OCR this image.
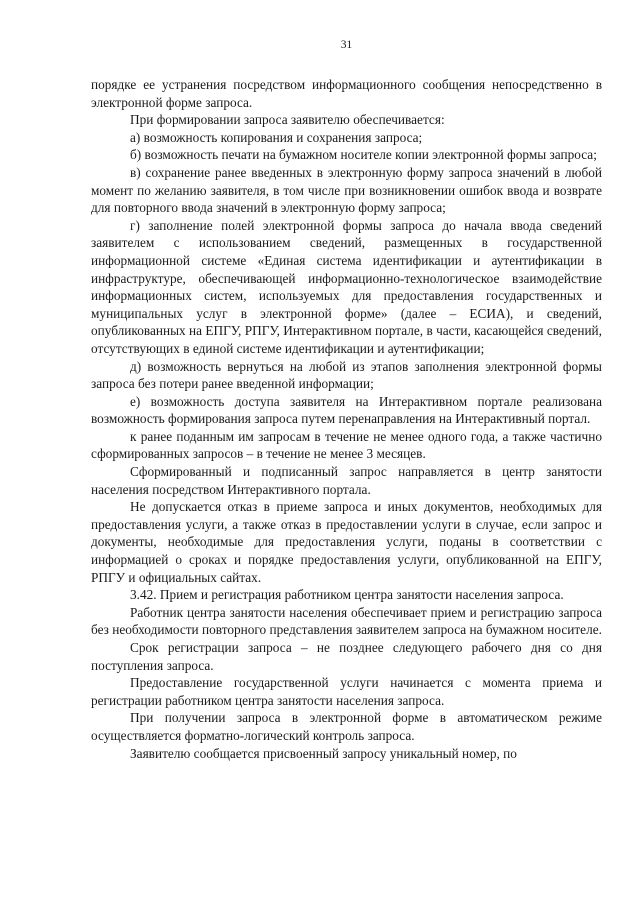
31

порядке ее устранения посредством информационного сообщения непосредственно в электронной форме запроса.

При формировании запроса заявителю обеспечивается:

а) возможность копирования и сохранения запроса;

б) возможность печати на бумажном носителе копии электронной формы запроса;

в) сохранение ранее введенных в электронную форму запроса значений в любой момент по желанию заявителя, в том числе при возникновении ошибок ввода и возврате для повторного ввода значений в электронную форму запроса;

г) заполнение полей электронной формы запроса до начала ввода сведений заявителем с использованием сведений, размещенных в государственной информационной системе «Единая система идентификации и аутентификации в инфраструктуре, обеспечивающей информационно-технологическое взаимодействие информационных систем, используемых для предоставления государственных и муниципальных услуг в электронной форме» (далее – ЕСИА), и сведений, опубликованных на ЕПГУ, РПГУ, Интерактивном портале, в части, касающейся сведений, отсутствующих в единой системе идентификации и аутентификации;

д) возможность вернуться на любой из этапов заполнения электронной формы запроса без потери ранее введенной информации;

е) возможность доступа заявителя на Интерактивном портале реализована возможность формирования запроса путем перенаправления на Интерактивный портал.

к ранее поданным им запросам в течение не менее одного года, а также частично сформированных запросов – в течение не менее 3 месяцев.

Сформированный и подписанный запрос направляется в центр занятости населения посредством Интерактивного портала.

Не допускается отказ в приеме запроса и иных документов, необходимых для предоставления услуги, а также отказ в предоставлении услуги в случае, если запрос и документы, необходимые для предоставления услуги, поданы в соответствии с информацией о сроках и порядке предоставления услуги, опубликованной на ЕПГУ, РПГУ и официальных сайтах.

3.42. Прием и регистрация работником центра занятости населения запроса.

Работник центра занятости населения обеспечивает прием и регистрацию запроса без необходимости повторного представления заявителем запроса на бумажном носителе.

Срок регистрации запроса – не позднее следующего рабочего дня со дня поступления запроса.

Предоставление государственной услуги начинается с момента приема и регистрации работником центра занятости населения запроса.

При получении запроса в электронной форме в автоматическом режиме осуществляется форматно-логический контроль запроса.

Заявителю сообщается присвоенный запросу уникальный номер, по
